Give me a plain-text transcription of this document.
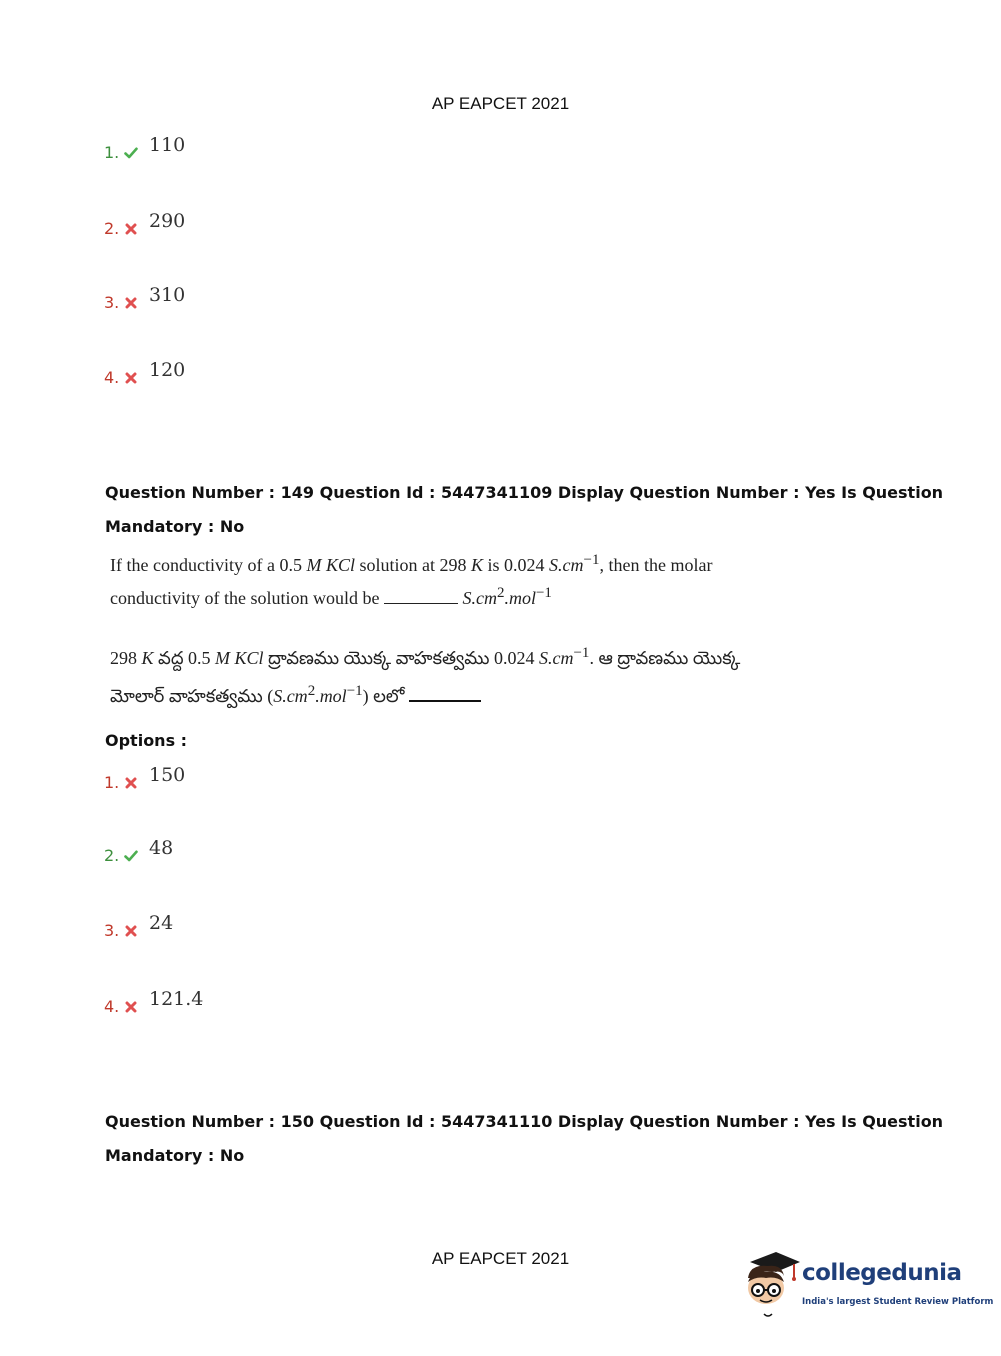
AP EAPCET 2021
1. 110
2. 290
3. 310
4. 120
Question Number : 149 Question Id : 5447341109 Display Question Number : Yes Is Question
Mandatory : No
If the conductivity of a 0.5 M KCl solution at 298 K is 0.024 $S.cm^{-1}$, then the molar
conductivity of the solution would be	$S.cm^2.mol^{-1}$
298 K వద్ద 0.5 M KCl ద్రావణము యొక్క వాహకత్వము 0.024 $S.cm^{-1}$. ఆ ద్రావణము యొక్క
మోలార్ వాహకత్వము $(S.cm^2.mol^{-1})$ లలో
Options :
1. 150
2. 48
3. 24
4. 121.4
Question Number : 150 Question Id : 5447341110 Display Question Number : Yes Is Question
Mandatory : No
AP EAPCET 2021
collegedunia
India's largest Student Review Platform
